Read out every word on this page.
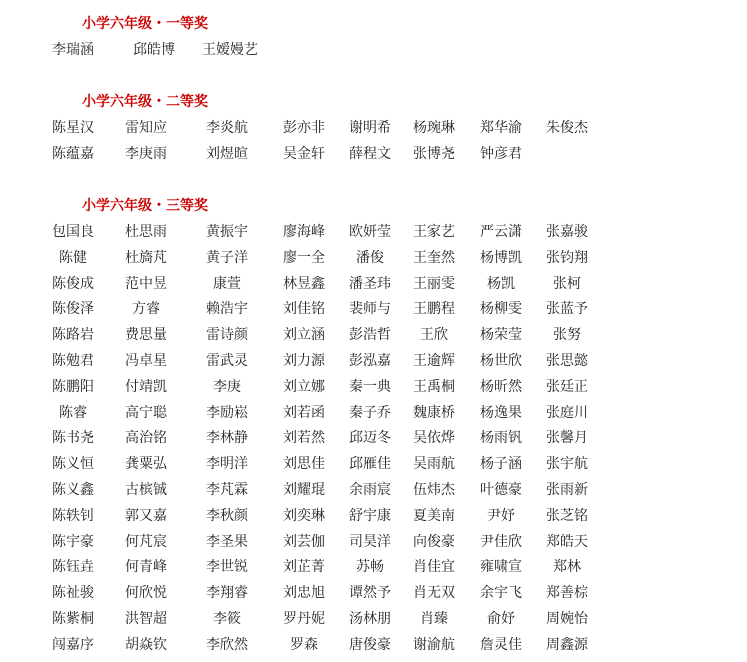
小学六年级・一等奖
李瑞涵	邱皓博	王嫒嫚艺
小学六年级・二等奖
陈星汉	雷知应	李炎航	彭亦非	谢明希	杨琬琳	郑华渝	朱俊杰
陈蕴嘉	李庚雨	刘煜暄	吴金轩	薛程文	张博尧	钟彦君
小学六年级・三等奖
包国良	杜思雨	黄振宇	廖海峰	欧妍莹	王家艺	严云潇	张嘉骏
陈健	杜旖芃	黄子洋	廖一全	潘俊	王奎然	杨博凯	张钧翔
陈俊成	范中昱	康萱	林昱鑫	潘圣玮	王丽雯	杨凯	张柯
陈俊泽	方睿	赖浩宇	刘佳铭	裴师与	王鹏程	杨柳雯	张蓝予
陈路岩	费思量	雷诗颜	刘立涵	彭浩哲	王欣	杨荣莹	张努
陈勉君	冯卓星	雷武灵	刘力源	彭泓嘉	王逾辉	杨世欣	张思懿
陈鹏阳	付靖凯	李庚	刘立娜	秦一典	王禹桐	杨昕然	张廷正
陈睿	高宁聪	李励崧	刘若函	秦子乔	魏康桥	杨逸果	张庭川
陈书尧	高治铭	李林静	刘若然	邱迈冬	吴依烨	杨雨钒	张馨月
陈义恒	龚粟弘	李明洋	刘思佳	邱雁佳	吴雨航	杨子涵	张宇航
陈义鑫	古槟铖	李芃霖	刘耀琨	余雨宸	伍炜杰	叶德豪	张雨新
陈轶钊	郭又嘉	李秋颜	刘奕琳	舒宇康	夏美南	尹妤	张芝铭
陈宇豪	何芃宸	李圣果	刘芸伽	司昊洋	向俊豪	尹佳欣	郑皓天
陈钰垚	何青峰	李世锐	刘芷菁	苏畅	肖佳宜	雍啸宣	郑林
陈祉骏	何欣悦	李翔睿	刘忠旭	谭然予	肖无双	余宇飞	郑善棕
陈紫桐	洪智超	李筱	罗丹妮	汤林朋	肖臻	俞妤	周婉怡
闯嘉序	胡焱钦	李欣然	罗森	唐俊豪	谢渝航	詹灵佳	周鑫源
